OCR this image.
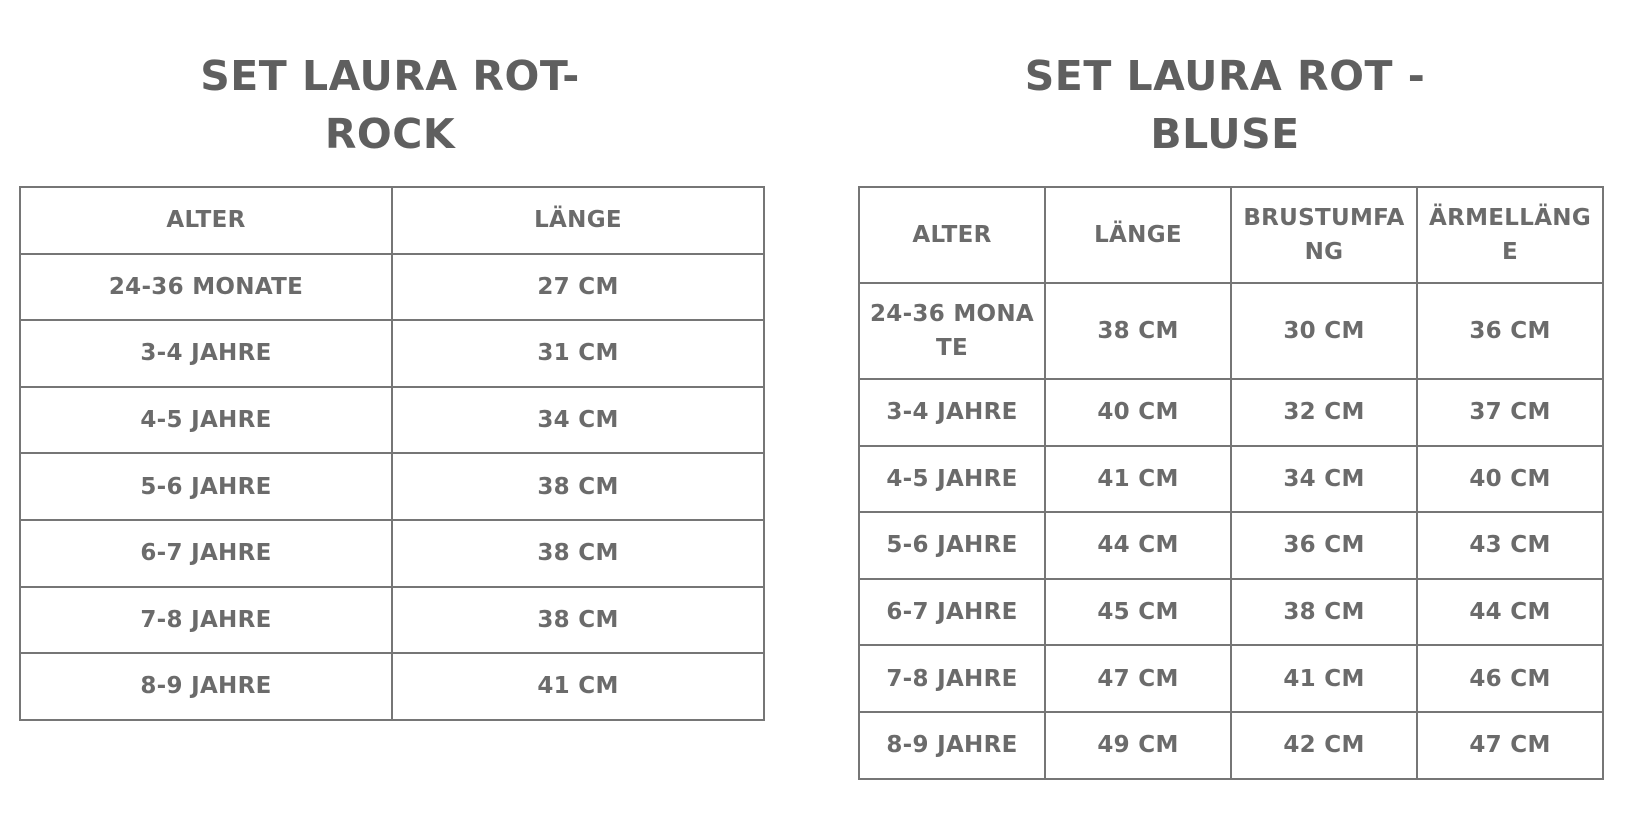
SET LAURA ROT-
ROCK
ALTER	LÄNGE
24-36 MONATE	27 CM
3-4 JAHRE	31 CM
4-5 JAHRE	34 CM
5-6 JAHRE	38 CM
6-7 JAHRE	38 CM
7-8 JAHRE	38 CM
8-9 JAHRE	41 CM
SET LAURA ROT -
BLUSE
ALTER	LÄNGE	BRUSTUMFANG	ÄRMELLÄNGE
24-36 MONATE	38 CM	30 CM	36 CM
3-4 JAHRE	40 CM	32 CM	37 CM
4-5 JAHRE	41 CM	34 CM	40 CM
5-6 JAHRE	44 CM	36 CM	43 CM
6-7 JAHRE	45 CM	38 CM	44 CM
7-8 JAHRE	47 CM	41 CM	46 CM
8-9 JAHRE	49 CM	42 CM	47 CM
